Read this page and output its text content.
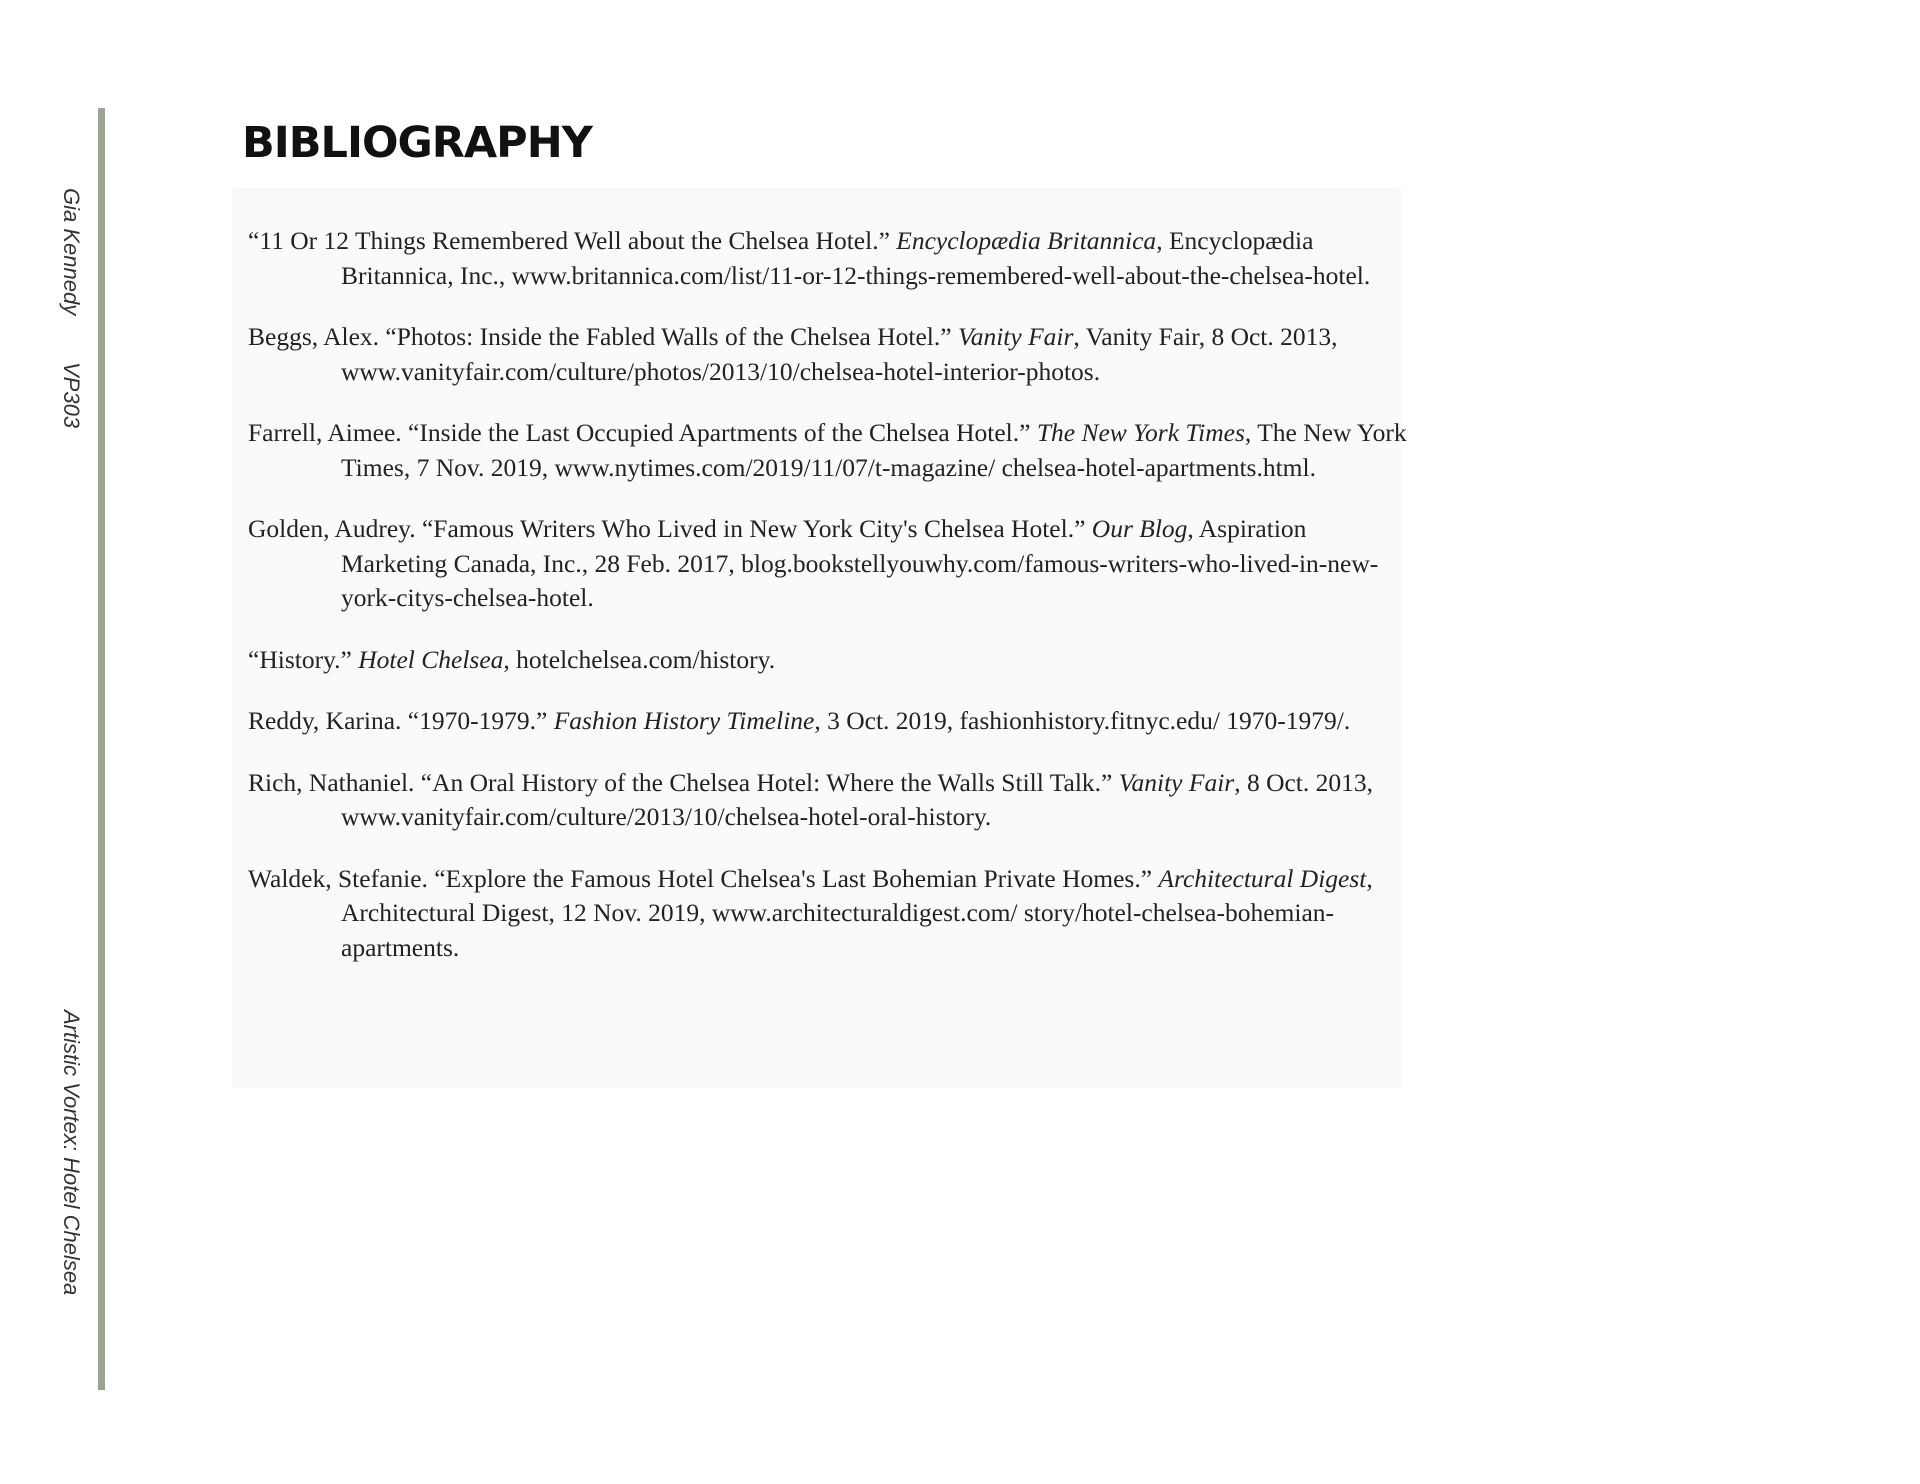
Gia Kennedy
VP303
Artistic Vortex: Hotel Chelsea
BIBLIOGRAPHY
“11 Or 12 Things Remembered Well about the Chelsea Hotel.” Encyclopædia Britannica, Encyclopædia Britannica, Inc., www.britannica.com/list/11-or-12-things-remembered-well-about-the-chelsea-hotel.
Beggs, Alex. “Photos: Inside the Fabled Walls of the Chelsea Hotel.” Vanity Fair, Vanity Fair, 8 Oct. 2013, www.vanityfair.com/culture/photos/2013/10/chelsea-hotel-interior-photos.
Farrell, Aimee. “Inside the Last Occupied Apartments of the Chelsea Hotel.” The New York Times, The New York Times, 7 Nov. 2019, www.nytimes.com/2019/11/07/t-magazine/ chelsea-hotel-apartments.html.
Golden, Audrey. “Famous Writers Who Lived in New York City's Chelsea Hotel.” Our Blog, Aspiration Marketing Canada, Inc., 28 Feb. 2017, blog.bookstellyouwhy.com/famous-writers-who-lived-in-new-york-citys-chelsea-hotel.
“History.” Hotel Chelsea, hotelchelsea.com/history.
Reddy, Karina. “1970-1979.” Fashion History Timeline, 3 Oct. 2019, fashionhistory.fitnyc.edu/ 1970-1979/.
Rich, Nathaniel. “An Oral History of the Chelsea Hotel: Where the Walls Still Talk.” Vanity Fair, 8 Oct. 2013, www.vanityfair.com/culture/2013/10/chelsea-hotel-oral-history.
Waldek, Stefanie. “Explore the Famous Hotel Chelsea's Last Bohemian Private Homes.” Architectural Digest, Architectural Digest, 12 Nov. 2019, www.architecturaldigest.com/ story/hotel-chelsea-bohemian-apartments.
